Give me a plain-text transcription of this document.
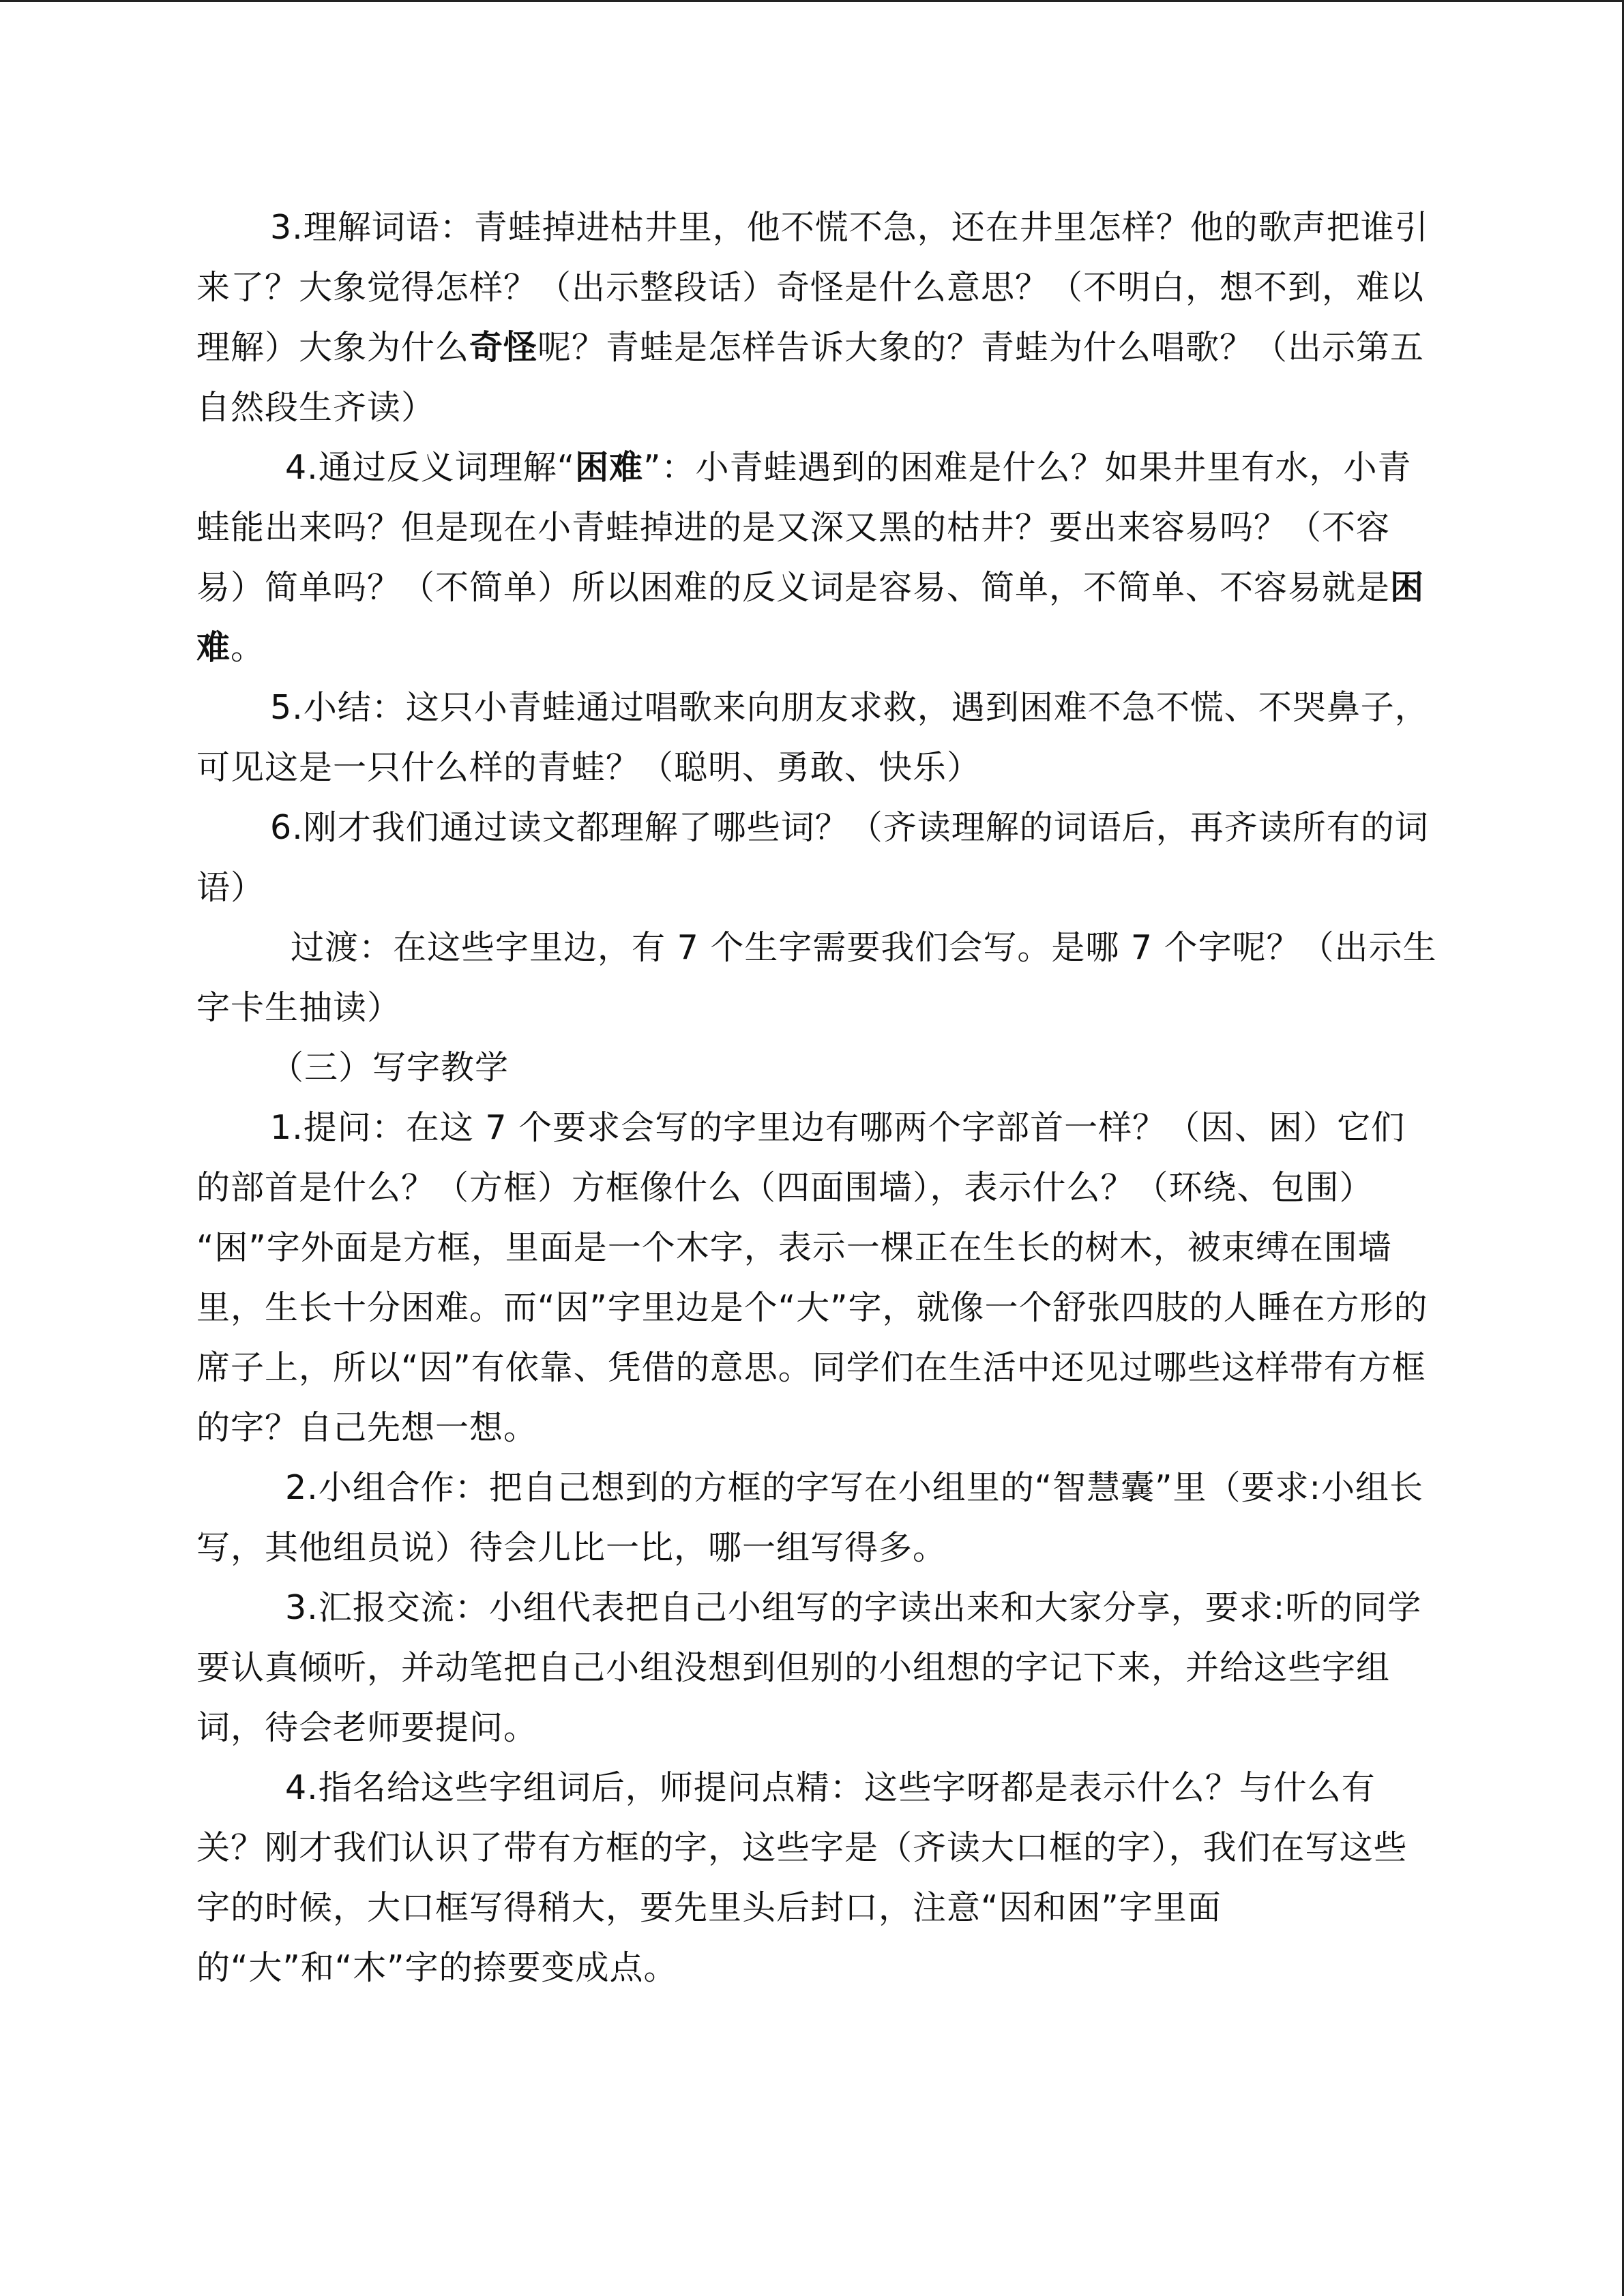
3.理解词语：青蛙掉进枯井里，他不慌不急，还在井里怎样？他的歌声把谁引来了？大象觉得怎样？（出示整段话）奇怪是什么意思？（不明白，想不到，难以理解）大象为什么奇怪呢？青蛙是怎样告诉大象的？青蛙为什么唱歌？（出示第五自然段生齐读）

4.通过反义词理解“困难”：小青蛙遇到的困难是什么？如果井里有水，小青蛙能出来吗？但是现在小青蛙掉进的是又深又黑的枯井？要出来容易吗？（不容易）简单吗？（不简单）所以困难的反义词是容易、简单，不简单、不容易就是困难。

5.小结：这只小青蛙通过唱歌来向朋友求救，遇到困难不急不慌、不哭鼻子，可见这是一只什么样的青蛙？（聪明、勇敢、快乐）

6.刚才我们通过读文都理解了哪些词？（齐读理解的词语后，再齐读所有的词语）

过渡：在这些字里边，有 7 个生字需要我们会写。是哪 7 个字呢？（出示生字卡生抽读）

（三）写字教学

1.提问：在这 7 个要求会写的字里边有哪两个字部首一样？（因、困）它们的部首是什么？（方框）方框像什么（四面围墙），表示什么？（环绕、包围）　　“困”字外面是方框，里面是一个木字，表示一棵正在生长的树木，被束缚在围墙里，生长十分困难。而“因”字里边是个“大”字，就像一个舒张四肢的人睡在方形的席子上，所以“因”有依靠、凭借的意思。同学们在生活中还见过哪些这样带有方框的字？自己先想一想。

2.小组合作：把自己想到的方框的字写在小组里的“智慧囊”里（要求:小组长写，其他组员说）待会儿比一比，哪一组写得多。

3.汇报交流：小组代表把自己小组写的字读出来和大家分享，要求:听的同学要认真倾听，并动笔把自己小组没想到但别的小组想的字记下来，并给这些字组词，待会老师要提问。

4.指名给这些字组词后，师提问点精：这些字呀都是表示什么？与什么有关？刚才我们认识了带有方框的字，这些字是（齐读大口框的字），我们在写这些字的时候，大口框写得稍大，要先里头后封口，注意“因和困”字里面的“大”和“木”字的捺要变成点。
